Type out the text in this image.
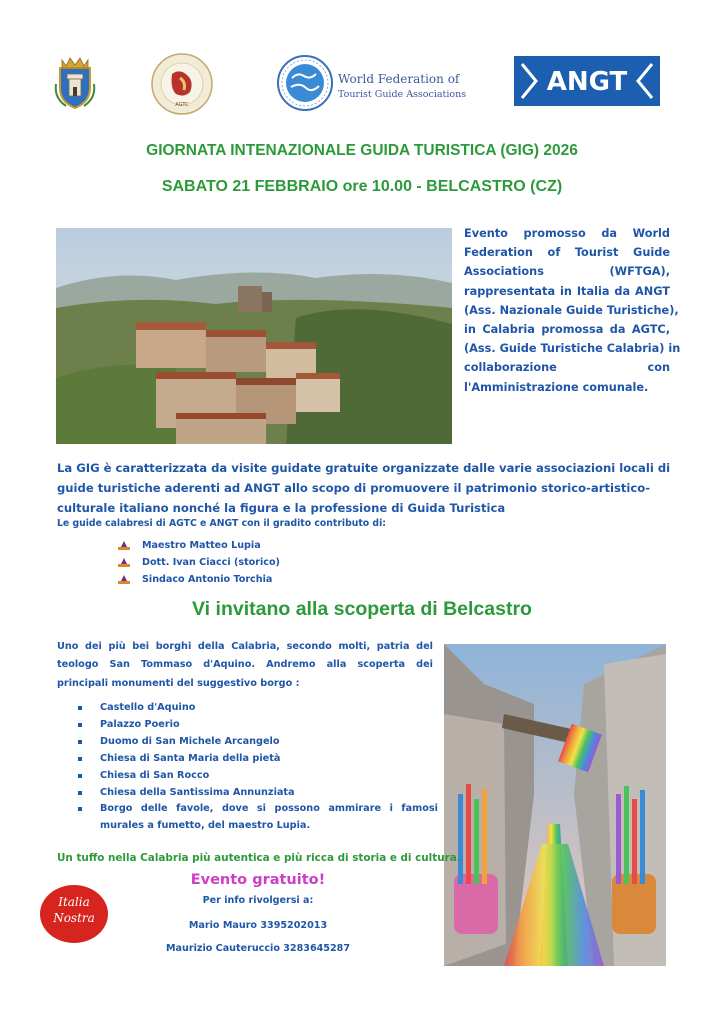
AGTC
World Federation of
Tourist Guide Associations	ANGT
GIORNATA INTENAZIONALE GUIDA TURISTICA (GIG) 2026
SABATO 21 FEBBRAIO ore 10.00 - BELCASTRO (CZ)
Evento promosso da World
Federation of Tourist Guide
Associations (WFTGA),
rappresentata in Italia da ANGT
(Ass. Nazionale Guide Turistiche),
in Calabria promossa da AGTC,
(Ass. Guide Turistiche Calabria) in
collaborazione con
l'Amministrazione comunale.
La GIG è caratterizzata da visite guidate gratuite organizzate dalle varie associazioni locali di guide turistiche aderenti ad ANGT allo scopo di promuovere il patrimonio storico-artistico-culturale italiano nonché la figura e la professione di Guida Turistica
Le guide calabresi di AGTC e ANGT con il gradito contributo di:
Maestro Matteo Lupia
Dott. Ivan Ciacci (storico)
Sindaco Antonio Torchia
Vi invitano alla scoperta di Belcastro
Uno dei più bei borghi della Calabria, secondo molti, patria del teologo San Tommaso d'Aquino. Andremo alla scoperta dei principali monumenti del suggestivo borgo :
Castello d'Aquino
Palazzo Poerio
Duomo di San Michele Arcangelo
Chiesa di Santa Maria della pietà
Chiesa di San Rocco
Chiesa della Santissima Annunziata
Borgo delle favole, dove si possono ammirare i famosi murales a fumetto, del maestro Lupia.
Un tuffo nella Calabria più autentica e più ricca di storia e di cultura.
Italia
Nostra
Evento gratuito!
Per info rivolgersi a:
Mario Mauro 3395202013
Maurizio Cauteruccio 3283645287
